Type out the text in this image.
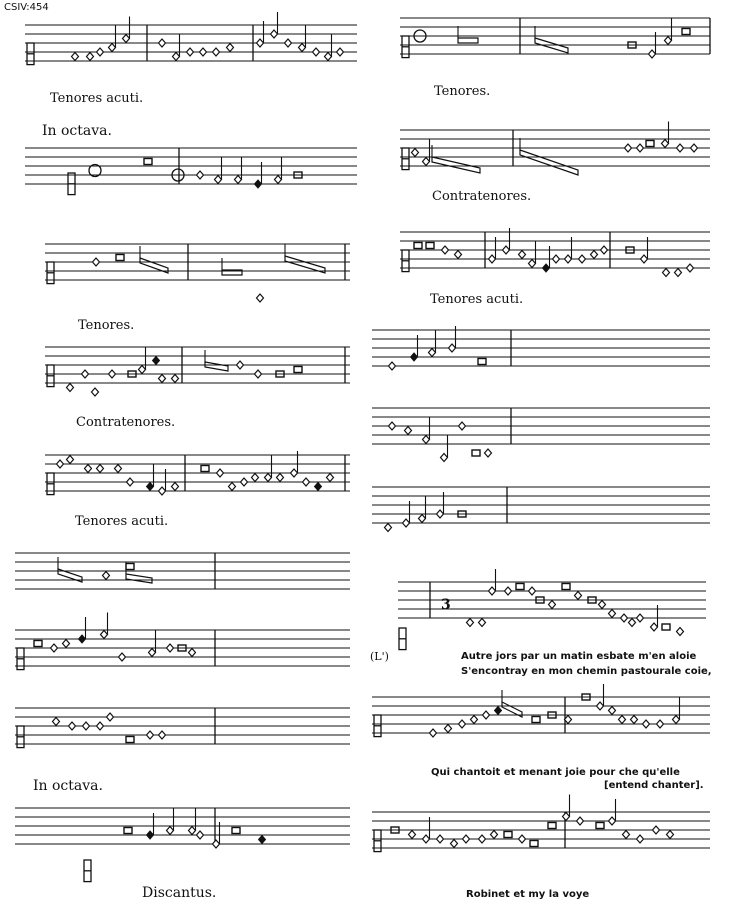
CSIV:454
Tenores acuti.
In octava.
Tenores.
Contratenores.
Tenores acuti.
In octava.
Discantus.
Tenores.
Contratenores.
Tenores acuti.
(L')
3
Autre jors par un matin esbate m'en aloie
S'encontray en mon chemin pastourale coie,
Qui chantoit et menant joie pour che qu'elle
[entend chanter].
Robinet et my la voye
